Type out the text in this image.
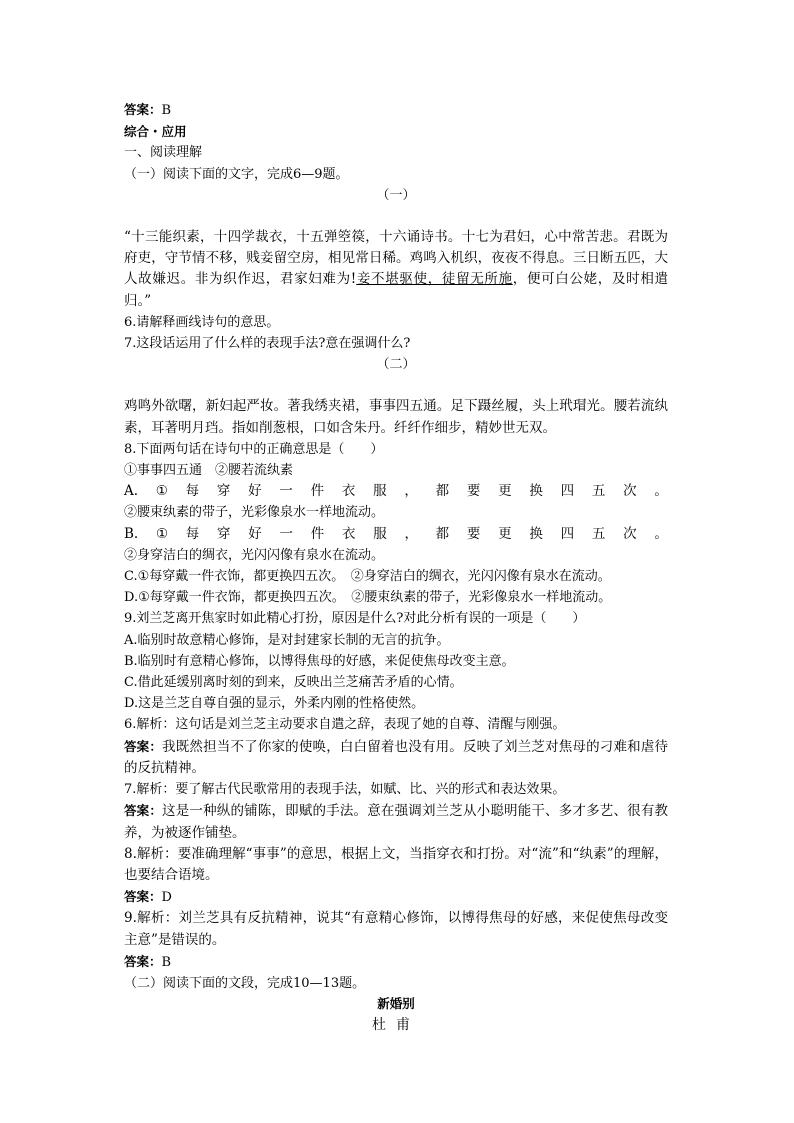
答案：B
综合・应用
一、阅读理解
（一）阅读下面的文字，完成6—9题。
（一）
“十三能织素，十四学裁衣，十五弹箜篌，十六诵诗书。十七为君妇，心中常苦悲。君既为府吏，守节情不移，贱妾留空房，相见常日稀。鸡鸣入机织，夜夜不得息。三日断五匹，大人故嫌迟。非为织作迟，君家妇难为!妾不堪驱使，徒留无所施，便可白公姥，及时相遣归。”
6.请解释画线诗句的意思。
7.这段话运用了什么样的表现手法?意在强调什么?
（二）
鸡鸣外欲曙，新妇起严妆。著我绣夹裙，事事四五通。足下蹑丝履，头上玳瑁光。腰若流纨素，耳著明月珰。指如削葱根，口如含朱丹。纤纤作细步，精妙世无双。
8.下面两句话在诗句中的正确意思是（　　）
①事事四五通　②腰若流纨素
A. ① 每 穿 好 一 件 衣 服 ， 都 要 更 换 四 五 次 。
②腰束纨素的带子，光彩像泉水一样地流动。
B. ① 每 穿 好 一 件 衣 服 ， 都 要 更 换 四 五 次 。
②身穿洁白的绸衣，光闪闪像有泉水在流动。
C.①每穿戴一件衣饰，都更换四五次。　②身穿洁白的绸衣，光闪闪像有泉水在流动。
D.①每穿戴一件衣饰，都更换四五次。　②腰束纨素的带子，光彩像泉水一样地流动。
9.刘兰芝离开焦家时如此精心打扮，原因是什么?对此分析有误的一项是（　　）
A.临别时故意精心修饰，是对封建家长制的无言的抗争。
B.临别时有意精心修饰，以博得焦母的好感，来促使焦母改变主意。
C.借此延缓别离时刻的到来，反映出兰芝痛苦矛盾的心情。
D.这是兰芝自尊自强的显示，外柔内刚的性格使然。
6.解析：这句话是刘兰芝主动要求自遣之辞，表现了她的自尊、清醒与刚强。
答案：我既然担当不了你家的使唤，白白留着也没有用。反映了刘兰芝对焦母的刁难和虐待的反抗精神。
7.解析：要了解古代民歌常用的表现手法，如赋、比、兴的形式和表达效果。
答案：这是一种纵的铺陈，即赋的手法。意在强调刘兰芝从小聪明能干、多才多艺、很有教养，为被逐作铺垫。
8.解析：要准确理解“事事”的意思，根据上文，当指穿衣和打扮。对“流”和“纨素”的理解，也要结合语境。
答案：D
9.解析：刘兰芝具有反抗精神，说其“有意精心修饰，以博得焦母的好感，来促使焦母改变主意”是错误的。
答案：B
（二）阅读下面的文段，完成10—13题。
新婚别
杜甫
